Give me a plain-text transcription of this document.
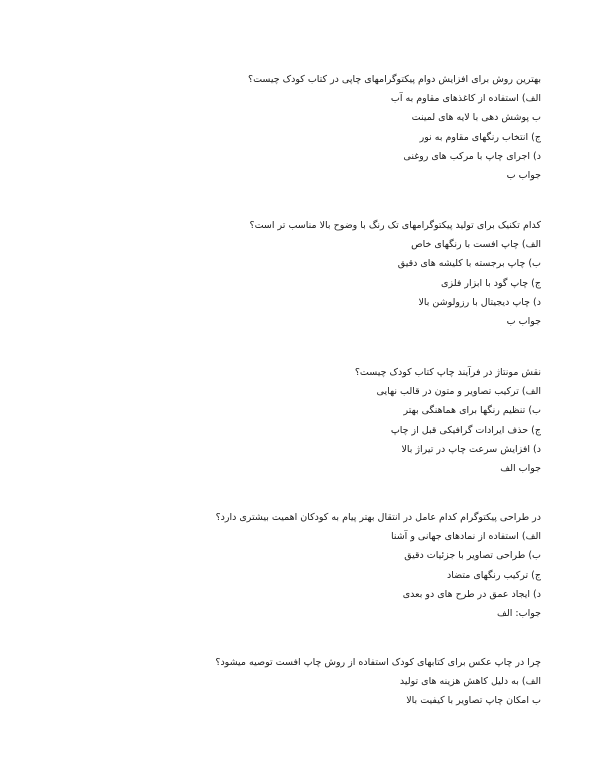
بهترین روش برای افزایش دوام پیکتوگرامهای چاپی در کتاب کودک چیست؟
الف) استفاده از کاغذهای مقاوم به آب
ب پوشش دهی با لایه های لمینت
ج) انتخاب رنگهای مقاوم به نور
د) اجرای چاپ با مرکب های روغنی
جواب ب
کدام تکنیک برای تولید پیکتوگرامهای تک رنگ با وضوح بالا مناسب تر است؟
الف) چاپ افست با رنگهای خاص
ب) چاپ برجسته با کلیشه های دقیق
ج) چاپ گود با ابزار فلزی
د) چاپ دیجیتال با رزولوشن بالا
جواب ب
نقش مونتاژ در فرآیند چاپ کتاب کودک چیست؟
الف) ترکیب تصاویر و متون در قالب نهایی
ب) تنظیم رنگها برای هماهنگی بهتر
ج) حذف ایرادات گرافیکی قبل از چاپ
د) افزایش سرعت چاپ در تیراژ بالا
جواب الف
در طراحی پیکتوگرام کدام عامل در انتقال بهتر پیام به کودکان اهمیت بیشتری دارد؟
الف) استفاده از نمادهای جهانی و آشنا
ب) طراحی تصاویر با جزئیات دقیق
ج) ترکیب رنگهای متضاد
د) ایجاد عمق در طرح های دو بعدی
جواب: الف
چرا در چاپ عکس برای کتابهای کودک استفاده از روش چاپ افست توصیه میشود؟
الف) به دلیل کاهش هزینه های تولید
ب امکان چاپ تصاویر با کیفیت بالا
